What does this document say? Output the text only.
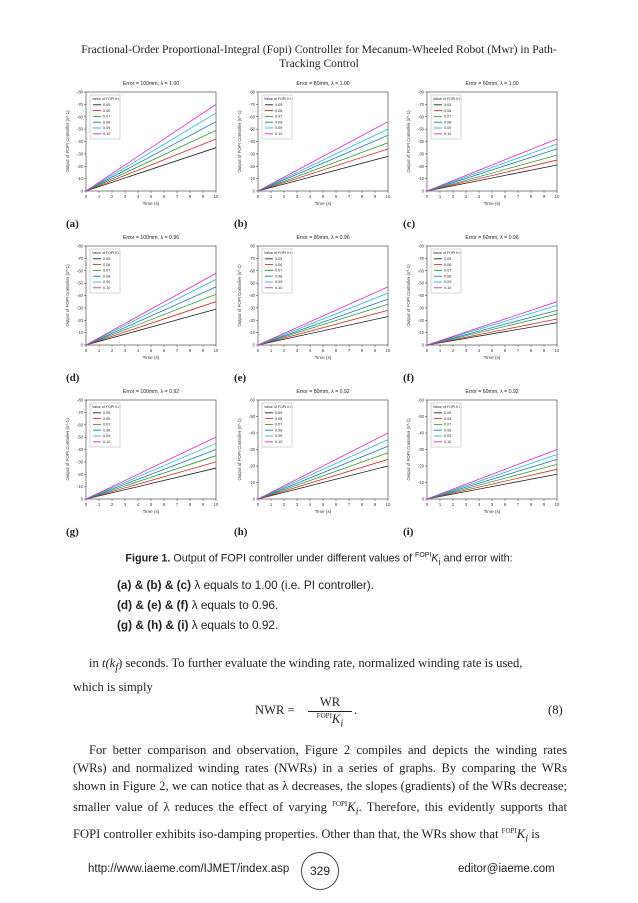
Fractional-Order Proportional-Integral (Fopi) Controller for Mecanum-Wheeled Robot (Mwr) in Path-
Tracking Control
Error = 100mm, λ = 1.00
0
-10
-20
-30
-40
-50
-60
-70
-80
0	1	2	3	4	5	6	7	8	9 10
Time (s)
Output of FOPI Controller (s^-1)
Value of FOPI Ki :
0.05
0.06
0.07
0.08
0.09
0.10
(a)
Error = 80mm, λ = 1.00
0
-10
-20
-30
-40
-50
-60
-70
-80
0	1	2	3	4	5	6	7	8	9 10
Time (s)
Output of FOPI Controller (s^-1)
Value of FOPI Ki :
0.05
0.06
0.07
0.08
0.09
0.10
(b)
Error = 60mm, λ = 1.00
0
-10
-20
-30
-40
-50
-60
-70
-80
0	1	2	3	4	5	6	7	8	9 10
Time (s)
Output of FOPI Controller (s^-1)
Value of FOPI Ki :
0.05
0.06
0.07
0.08
0.09
0.10
(c)
Error = 100mm, λ = 0.96
0
-10
-20
-30
-40
-50
-60
-70
-80
0	1	2	3	4	5	6	7	8	9 10
Time (s)
Output of FOPI Controller (s^-1)
Value of FOPI Ki :
0.05
0.06
0.07
0.08
0.09
0.10
(d)
Error = 80mm, λ = 0.96
0
-10
-20
-30
-40
-50
-60
-70
-80
0	1	2	3	4	5	6	7	8	9 10
Time (s)
Output of FOPI Controller (s^-1)
Value of FOPI Ki :
0.05
0.06
0.07
0.08
0.09
0.10
(e)
Error = 60mm, λ = 0.96
0
-10
-20
-30
-40
-50
-60
-70
-80
0	1	2	3	4	5	6	7	8	9 10
Time (s)
Output of FOPI Controller (s^-1)
Value of FOPI Ki :
0.05
0.06
0.07
0.08
0.09
0.10
(f)
Error = 100mm, λ = 0.92
0
-10
-20
-30
-40
-50
-60
-70
-80
0	1	2	3	4	5	6	7	8	9 10
Time (s)
Output of FOPI Controller (s^-1)
Value of FOPI Ki :
0.05
0.06
0.07
0.08
0.09
0.10
(g)
Error = 80mm, λ = 0.92
0
-10
-20
-30
-40
-50
-60
0	1	2	3	4	5	6	7	8	9 10
Time (s)
Output of FOPI Controller (s^-1)
Value of FOPI Ki :
0.05
0.06
0.07
0.08
0.09
0.10
(h)
Error = 60mm, λ = 0.92
0
-10
-20
-30
-40
-50
-60
0	1	2	3	4	5	6	7	8	9 10
Time (s)
Output of FOPI Controller (s^-1)
Value of FOPI Ki :
0.05
0.06
0.07
0.08
0.09
0.10
(i)
Figure 1. Output of FOPI controller under different values of $^{FOPI}K_i$ and error with:
(a) & (b) & (c) λ equals to 1.00 (i.e. PI controller).
(d) & (e) & (f) λ equals to 0.96.
(g) & (h) & (i) λ equals to 0.92.
in $t(k_f)$ seconds. To further evaluate the winding rate, normalized winding rate is used,
which is simply
NWR =
WR
$^{FOPI}K_i$
.	(8)
For better comparison and observation, Figure 2 compiles and depicts the winding rates (WRs) and normalized winding rates (NWRs) in a series of graphs. By comparing the WRs shown in Figure 2, we can notice that as λ decreases, the slopes (gradients) of the WRs decrease; smaller value of λ reduces the effect of varying $^{FOPI}K_i$. Therefore, this evidently supports that FOPI controller exhibits iso-damping properties. Other than that, the WRs show that $^{FOPI}K_i$ is
http://www.iaeme.com/IJMET/index.asp	329	editor@iaeme.com
